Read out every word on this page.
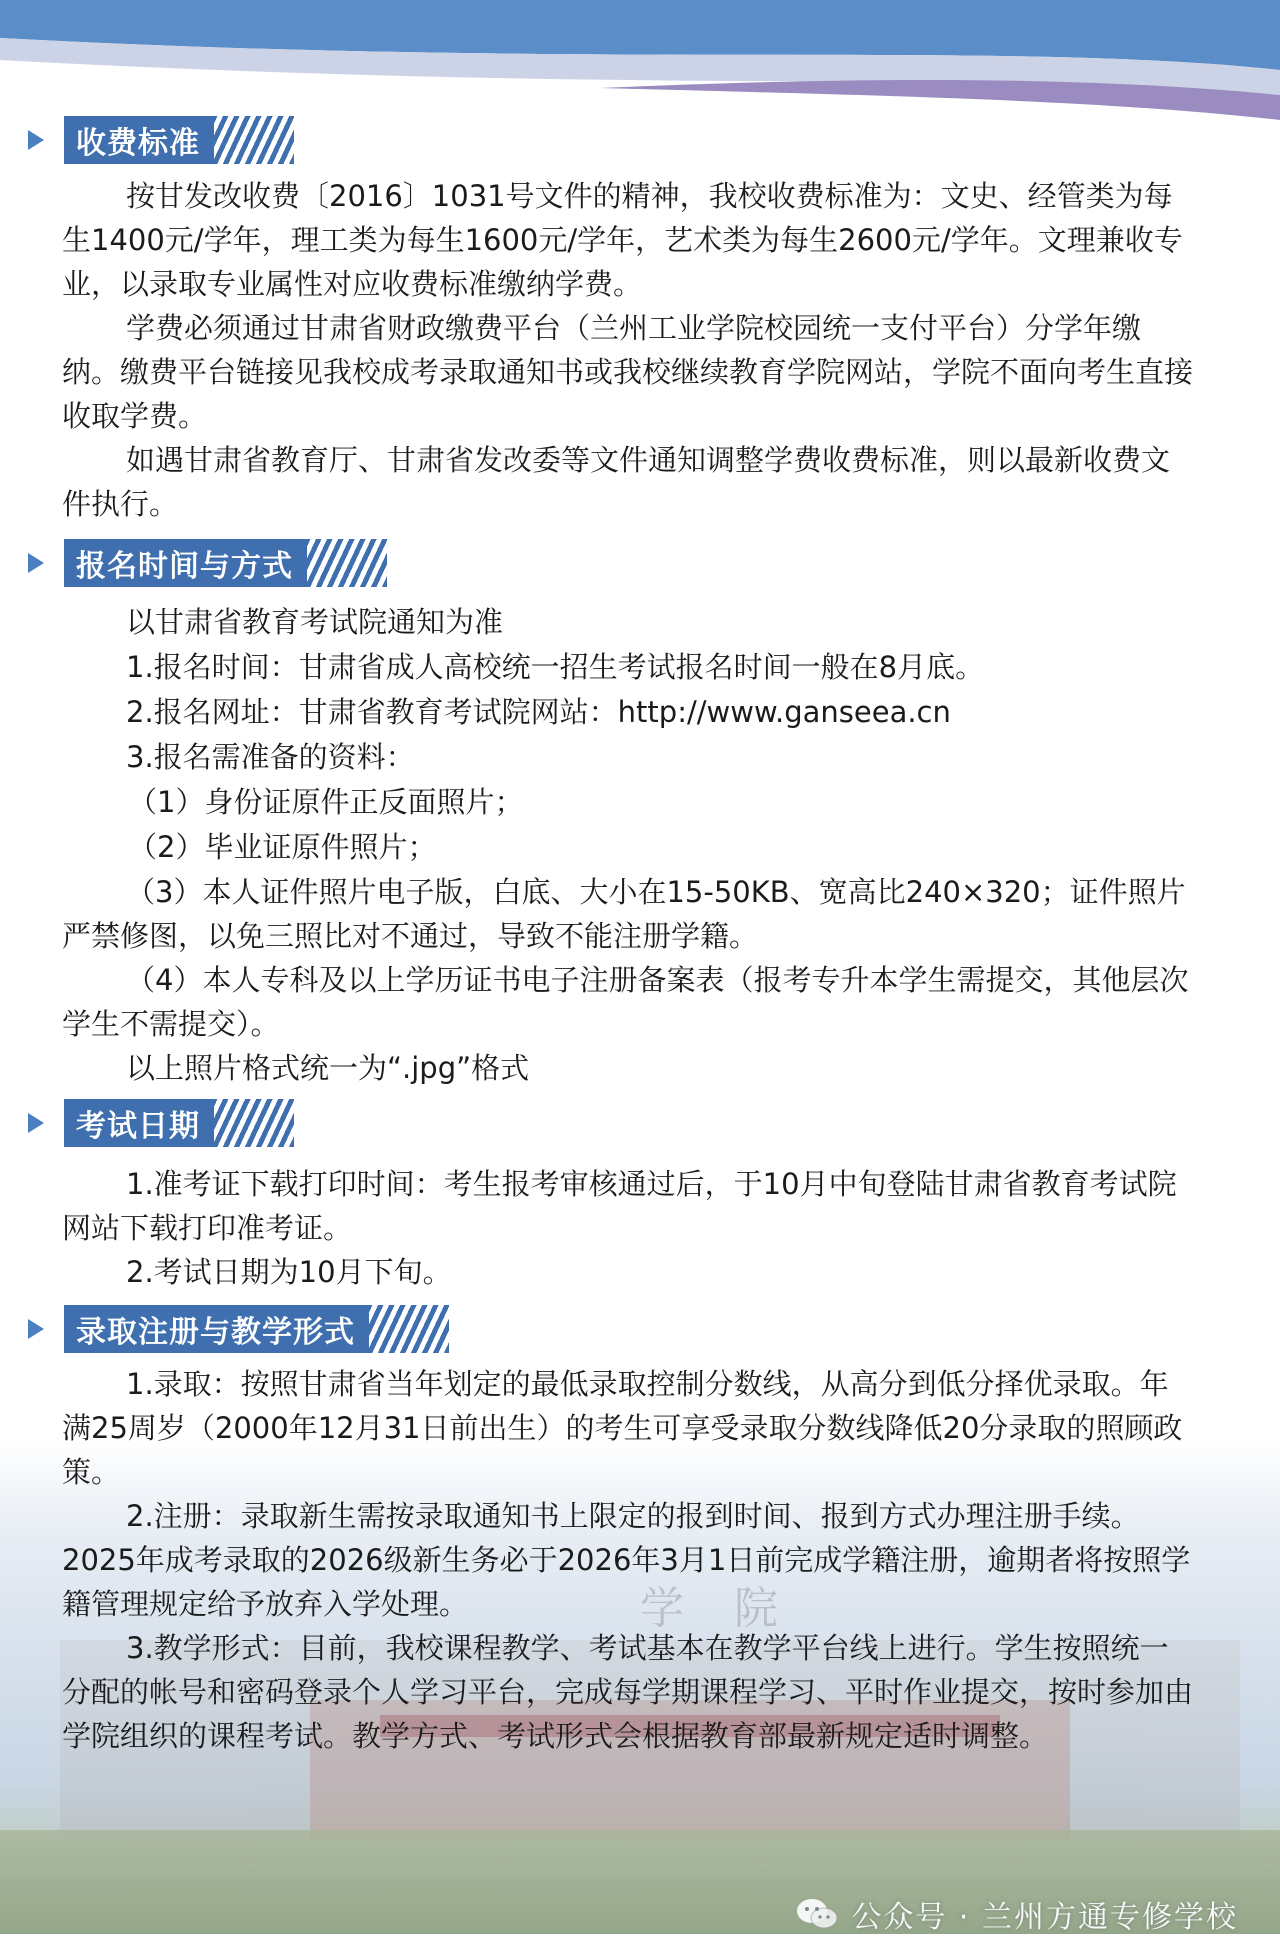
学 院
收费标准
按甘发改收费〔2016〕1031号文件的精神，我校收费标准为：文史、经管类为每生1400元/学年，理工类为每生1600元/学年，艺术类为每生2600元/学年。文理兼收专业，以录取专业属性对应收费标准缴纳学费。
学费必须通过甘肃省财政缴费平台（兰州工业学院校园统一支付平台）分学年缴纳。缴费平台链接见我校成考录取通知书或我校继续教育学院网站，学院不面向考生直接收取学费。
如遇甘肃省教育厅、甘肃省发改委等文件通知调整学费收费标准，则以最新收费文件执行。
报名时间与方式
以甘肃省教育考试院通知为准
1.报名时间：甘肃省成人高校统一招生考试报名时间一般在8月底。
2.报名网址：甘肃省教育考试院网站：http://www.ganseea.cn
3.报名需准备的资料：
（1）身份证原件正反面照片；
（2）毕业证原件照片；
（3）本人证件照片电子版，白底、大小在15-50KB、宽高比240×320；证件照片严禁修图，以免三照比对不通过，导致不能注册学籍。
（4）本人专科及以上学历证书电子注册备案表（报考专升本学生需提交，其他层次学生不需提交）。
以上照片格式统一为“.jpg”格式
考试日期
1.准考证下载打印时间：考生报考审核通过后，于10月中旬登陆甘肃省教育考试院网站下载打印准考证。
2.考试日期为10月下旬。
录取注册与教学形式
1.录取：按照甘肃省当年划定的最低录取控制分数线，从高分到低分择优录取。年满25周岁（2000年12月31日前出生）的考生可享受录取分数线降低20分录取的照顾政策。
2.注册：录取新生需按录取通知书上限定的报到时间、报到方式办理注册手续。2025年成考录取的2026级新生务必于2026年3月1日前完成学籍注册，逾期者将按照学籍管理规定给予放弃入学处理。
3.教学形式：目前，我校课程教学、考试基本在教学平台线上进行。学生按照统一分配的帐号和密码登录个人学习平台，完成每学期课程学习、平时作业提交，按时参加由学院组织的课程考试。教学方式、考试形式会根据教育部最新规定适时调整。
公众号 · 兰州方通专修学校
